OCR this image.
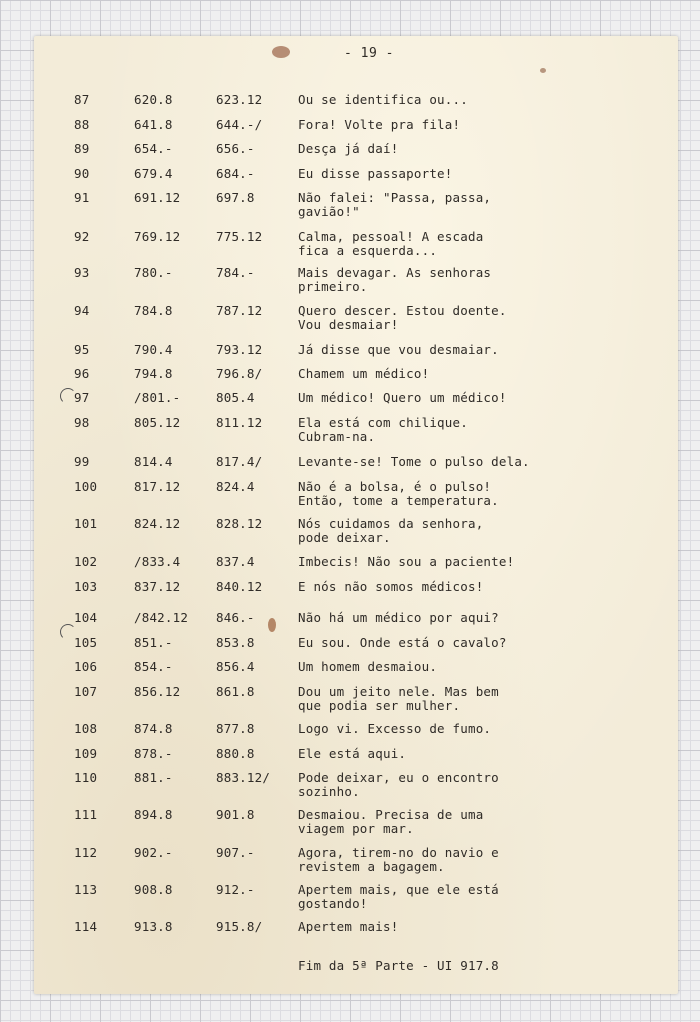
- 19 -
87	620.8	623.12	Ou se identifica ou...
88	641.8	644.-/	Fora! Volte pra fila!
89	654.-	656.-	Desça já daí!
90	679.4	684.-	Eu disse passaporte!
91	691.12	697.8	Não falei: "Passa, passa,
gavião!"
92	769.12	775.12	Calma, pessoal! A escada
fica a esquerda...
93	780.-	784.-	Mais devagar. As senhoras
primeiro.
94	784.8	787.12	Quero descer. Estou doente.
Vou desmaiar!
95	790.4	793.12	Já disse que vou desmaiar.
96	794.8	796.8/	Chamem um médico!
97	/801.-	805.4	Um médico! Quero um médico!
98	805.12	811.12	Ela está com chilique.
Cubram-na.
99	814.4	817.4/	Levante-se! Tome o pulso dela.
100	817.12	824.4	Não é a bolsa, é o pulso!
Então, tome a temperatura.
101	824.12	828.12	Nós cuidamos da senhora,
pode deixar.
102	/833.4	837.4	Imbecis! Não sou a paciente!
103	837.12	840.12	E nós não somos médicos!
104	/842.12 846.-	Não há um médico por aqui?
105	851.-	853.8	Eu sou. Onde está o cavalo?
106	854.-	856.4	Um homem desmaiou.
107	856.12	861.8	Dou um jeito nele. Mas bem
que podia ser mulher.
108	874.8	877.8	Logo vi. Excesso de fumo.
109	878.-	880.8	Ele está aqui.
110	881.-	883.12/ Pode deixar, eu o encontro
sozinho.
111	894.8	901.8	Desmaiou. Precisa de uma
viagem por mar.
112	902.-	907.-	Agora, tirem-no do navio e
revistem a bagagem.
113	908.8	912.-	Apertem mais, que ele está
gostando!
114	913.8	915.8/	Apertem mais!
Fim da 5ª Parte - UI 917.8
